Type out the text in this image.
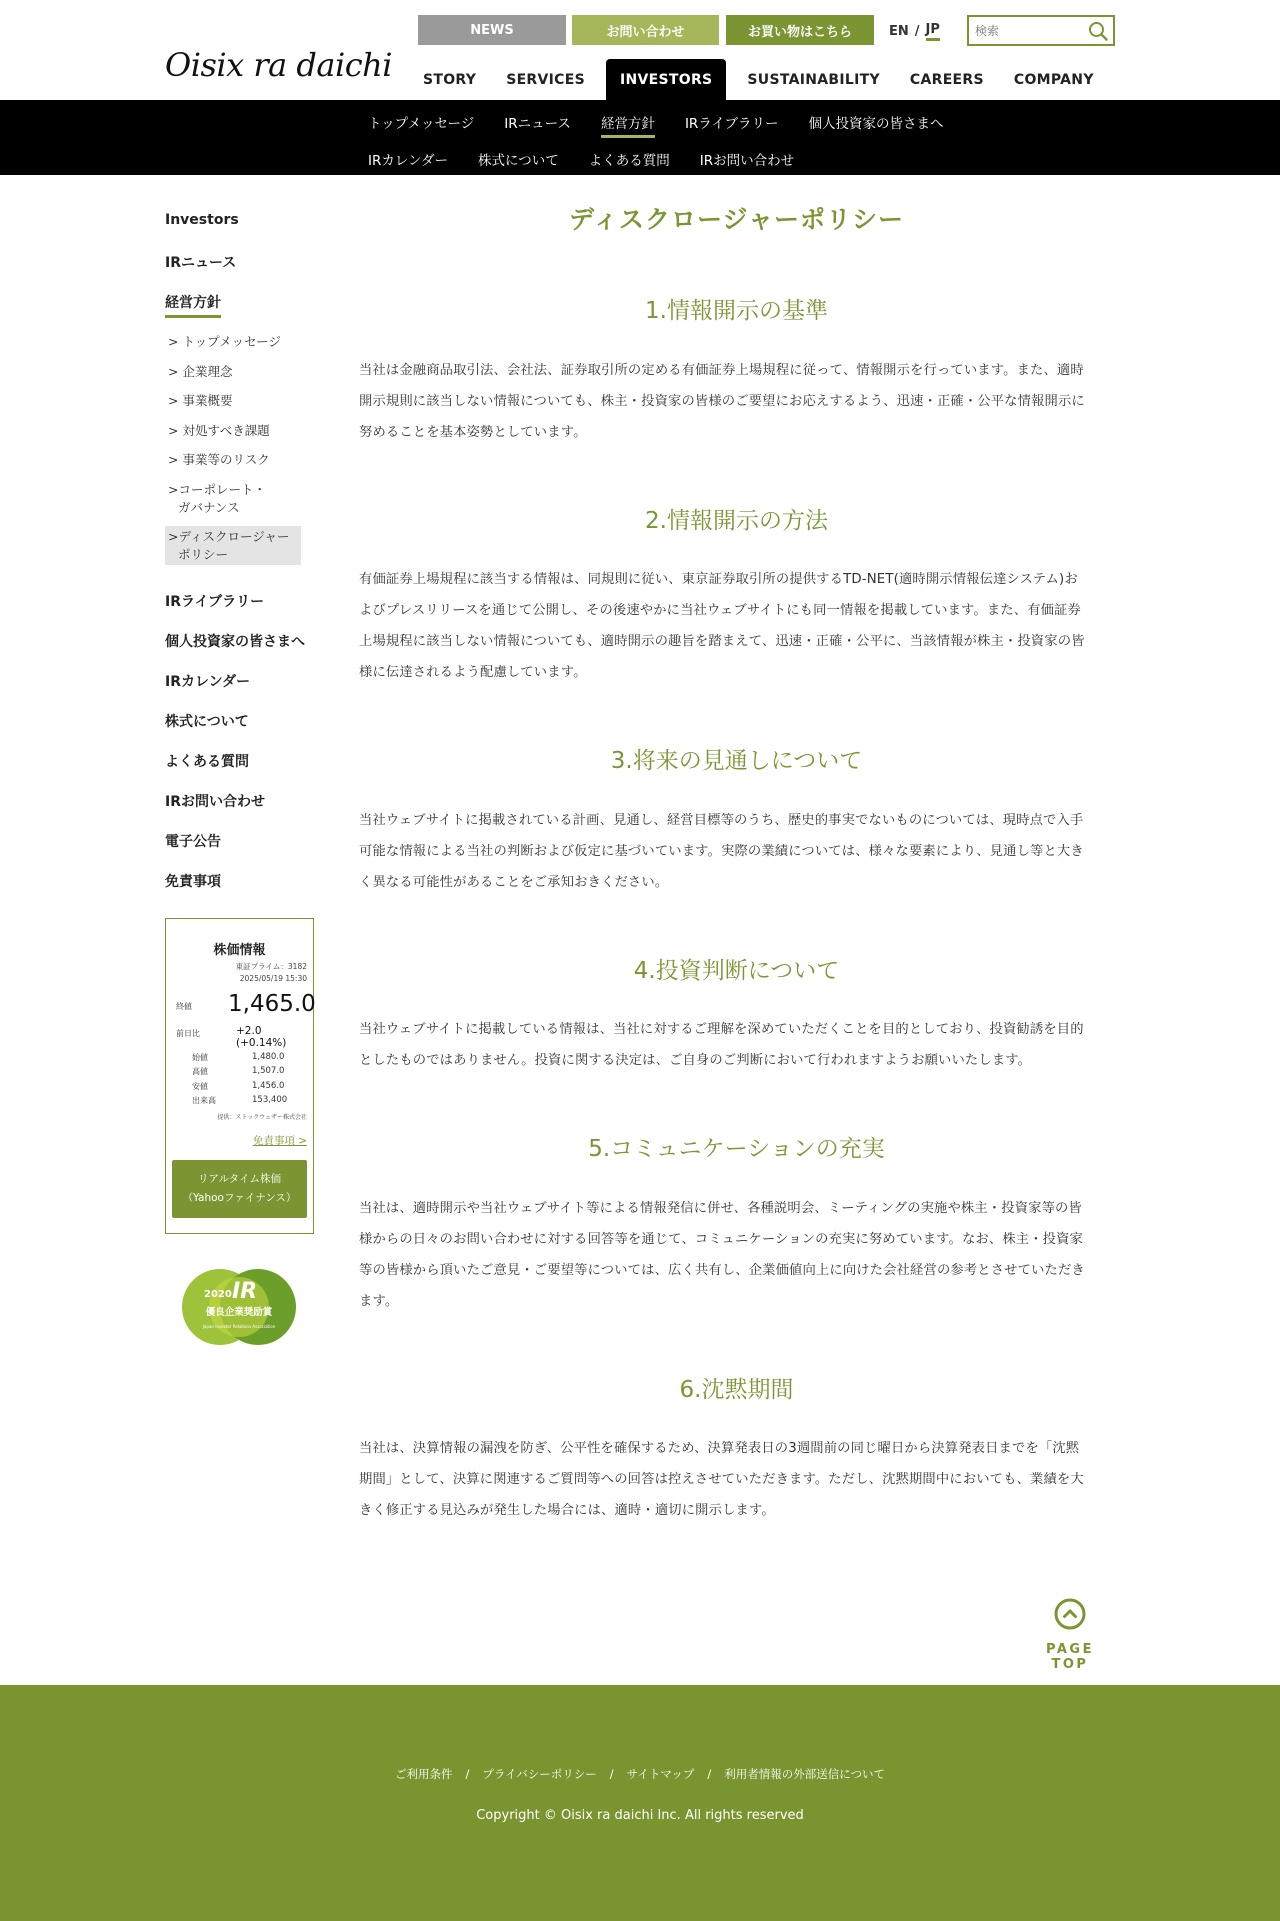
Oisix ra daichi
NEWS	お問い合わせ	お買い物はこちら	EN / JP
検索
STORY	SERVICES	INVESTORS	SUSTAINABILITY	CAREERS	COMPANY
トップメッセージ IRニュース 経営方針 IRライブラリー 個人投資家の皆さまへ
IRカレンダー 株式について よくある質問 IRお問い合わせ
Investors
IRニュース
経営方針
> トップメッセージ
> 企業理念
> 事業概要
> 対処すべき課題
> 事業等のリスク
>コーポレート・
ガバナンス
>ディスクロージャー
ポリシー
IRライブラリー
個人投資家の皆さまへ
IRカレンダー
株式について
よくある質問
IRお問い合わせ
電子公告
免責事項
株価情報
東証プライム：3182
2025/05/19 15:30
終値 1,465.0
前日比	+2.0 (+0.14%)
始値	1,480.0
高値	1,507.0
安値	1,456.0
出来高	153,400
提供：ストックウェザー株式会社
免責事項 >
リアルタイム株価
（Yahooファイナンス）
2020 IR
優良企業奨励賞
Japan Investor Relations Association
ディスクロージャーポリシー
1.情報開示の基準
当社は金融商品取引法、会社法、証券取引所の定める有価証券上場規程に従って、情報開示を行っています。また、適時
開示規則に該当しない情報についても、株主・投資家の皆様のご要望にお応えするよう、迅速・正確・公平な情報開示に
努めることを基本姿勢としています。
2.情報開示の方法
有価証券上場規程に該当する情報は、同規則に従い、東京証券取引所の提供するTD-NET(適時開示情報伝達システム)お
よびプレスリリースを通じて公開し、その後速やかに当社ウェブサイトにも同一情報を掲載しています。また、有価証券
上場規程に該当しない情報についても、適時開示の趣旨を踏まえて、迅速・正確・公平に、当該情報が株主・投資家の皆
様に伝達されるよう配慮しています。
3.将来の見通しについて
当社ウェブサイトに掲載されている計画、見通し、経営目標等のうち、歴史的事実でないものについては、現時点で入手
可能な情報による当社の判断および仮定に基づいています。実際の業績については、様々な要素により、見通し等と大き
く異なる可能性があることをご承知おきください。
4.投資判断について
当社ウェブサイトに掲載している情報は、当社に対するご理解を深めていただくことを目的としており、投資勧誘を目的
としたものではありません。投資に関する決定は、ご自身のご判断において行われますようお願いいたします。
5.コミュニケーションの充実
当社は、適時開示や当社ウェブサイト等による情報発信に併せ、各種説明会、ミーティングの実施や株主・投資家等の皆
様からの日々のお問い合わせに対する回答等を通じて、コミュニケーションの充実に努めています。なお、株主・投資家
等の皆様から頂いたご意見・ご要望等については、広く共有し、企業価値向上に向けた会社経営の参考とさせていただき
ます。
6.沈黙期間
当社は、決算情報の漏洩を防ぎ、公平性を確保するため、決算発表日の3週間前の同じ曜日から決算発表日までを「沈黙
期間」として、決算に関連するご質問等への回答は控えさせていただきます。ただし、沈黙期間中においても、業績を大
きく修正する見込みが発生した場合には、適時・適切に開示します。
PAGE TOP
ご利用条件 / プライバシーポリシー / サイトマップ / 利用者情報の外部送信について
Copyright © Oisix ra daichi Inc. All rights reserved
